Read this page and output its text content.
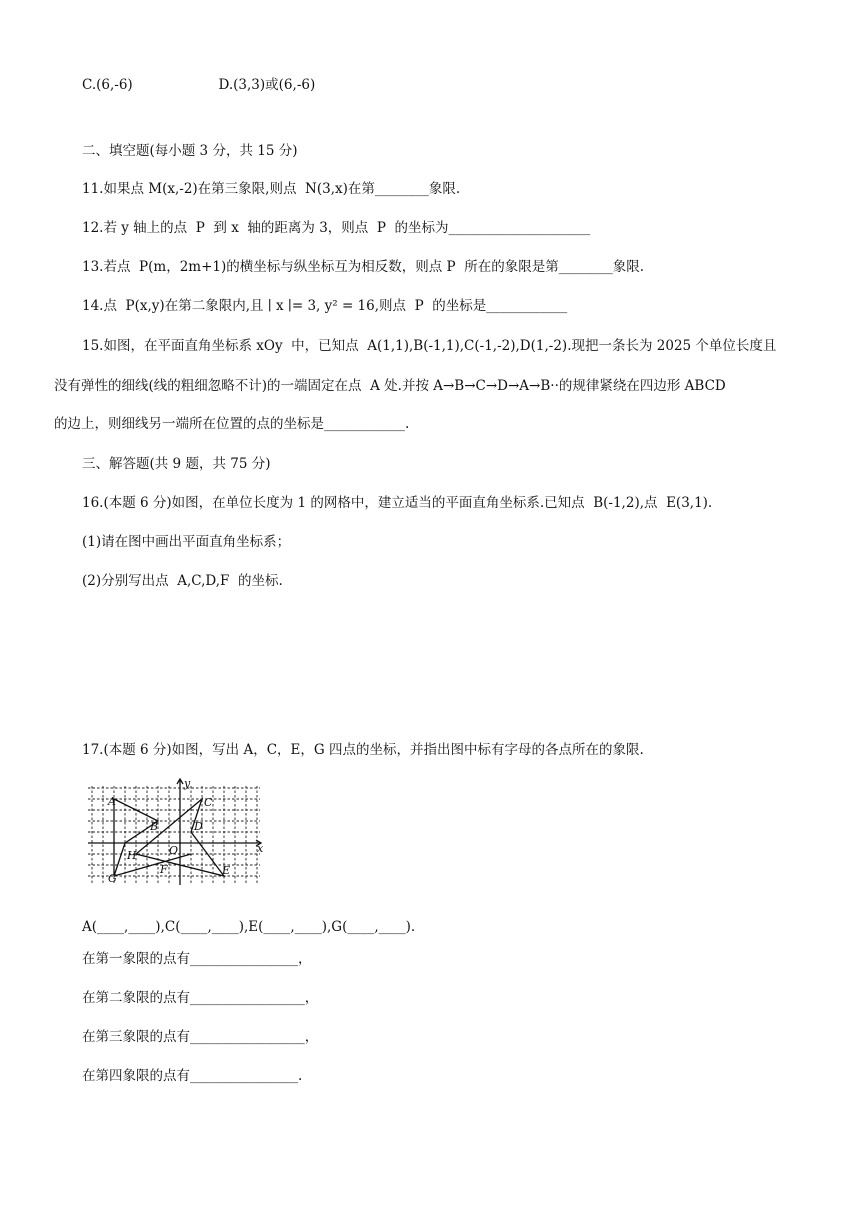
C.(6,-6)                    D.(3,3)或(6,-6)
二、填空题(每小题 3 分，共 15 分)
11.如果点 M(x,-2)在第三象限,则点  N(3,x)在第________象限.
12.若 y 轴上的点  P  到 x  轴的距离为 3，则点  P  的坐标为_____________________
13.若点  P(m，2m+1)的横坐标与纵坐标互为相反数，则点 P  所在的象限是第________象限.
14.点  P(x,y)在第二象限内,且 ∣ x ∣= 3, y² = 16,则点  P  的坐标是____________
15.如图，在平面直角坐标系 xOy  中，已知点  A(1,1),B(-1,1),C(-1,-2),D(1,-2).现把一条长为 2025 个单位长度且
没有弹性的细线(线的粗细忽略不计)的一端固定在点  A 处.并按 A→B→C→D→A→B··的规律紧绕在四边形 ABCD
的边上，则细线另一端所在位置的点的坐标是____________.
三、解答题(共 9 题，共 75 分)
16.(本题 6 分)如图，在单位长度为 1 的网格中，建立适当的平面直角坐标系.已知点  B(-1,2),点  E(3,1).
(1)请在图中画出平面直角坐标系；
(2)分别写出点  A,C,D,F  的坐标.
17.(本题 6 分)如图，写出 A，C，E，G 四点的坐标，并指出图中标有字母的各点所在的象限.
x
y
O
A
B
C
D
E
F
G
H
A(____,____),C(____,____),E(____,____),G(____,____).
在第一象限的点有________________，
在第二象限的点有_________________，
在第三象限的点有_________________，
在第四象限的点有________________.
